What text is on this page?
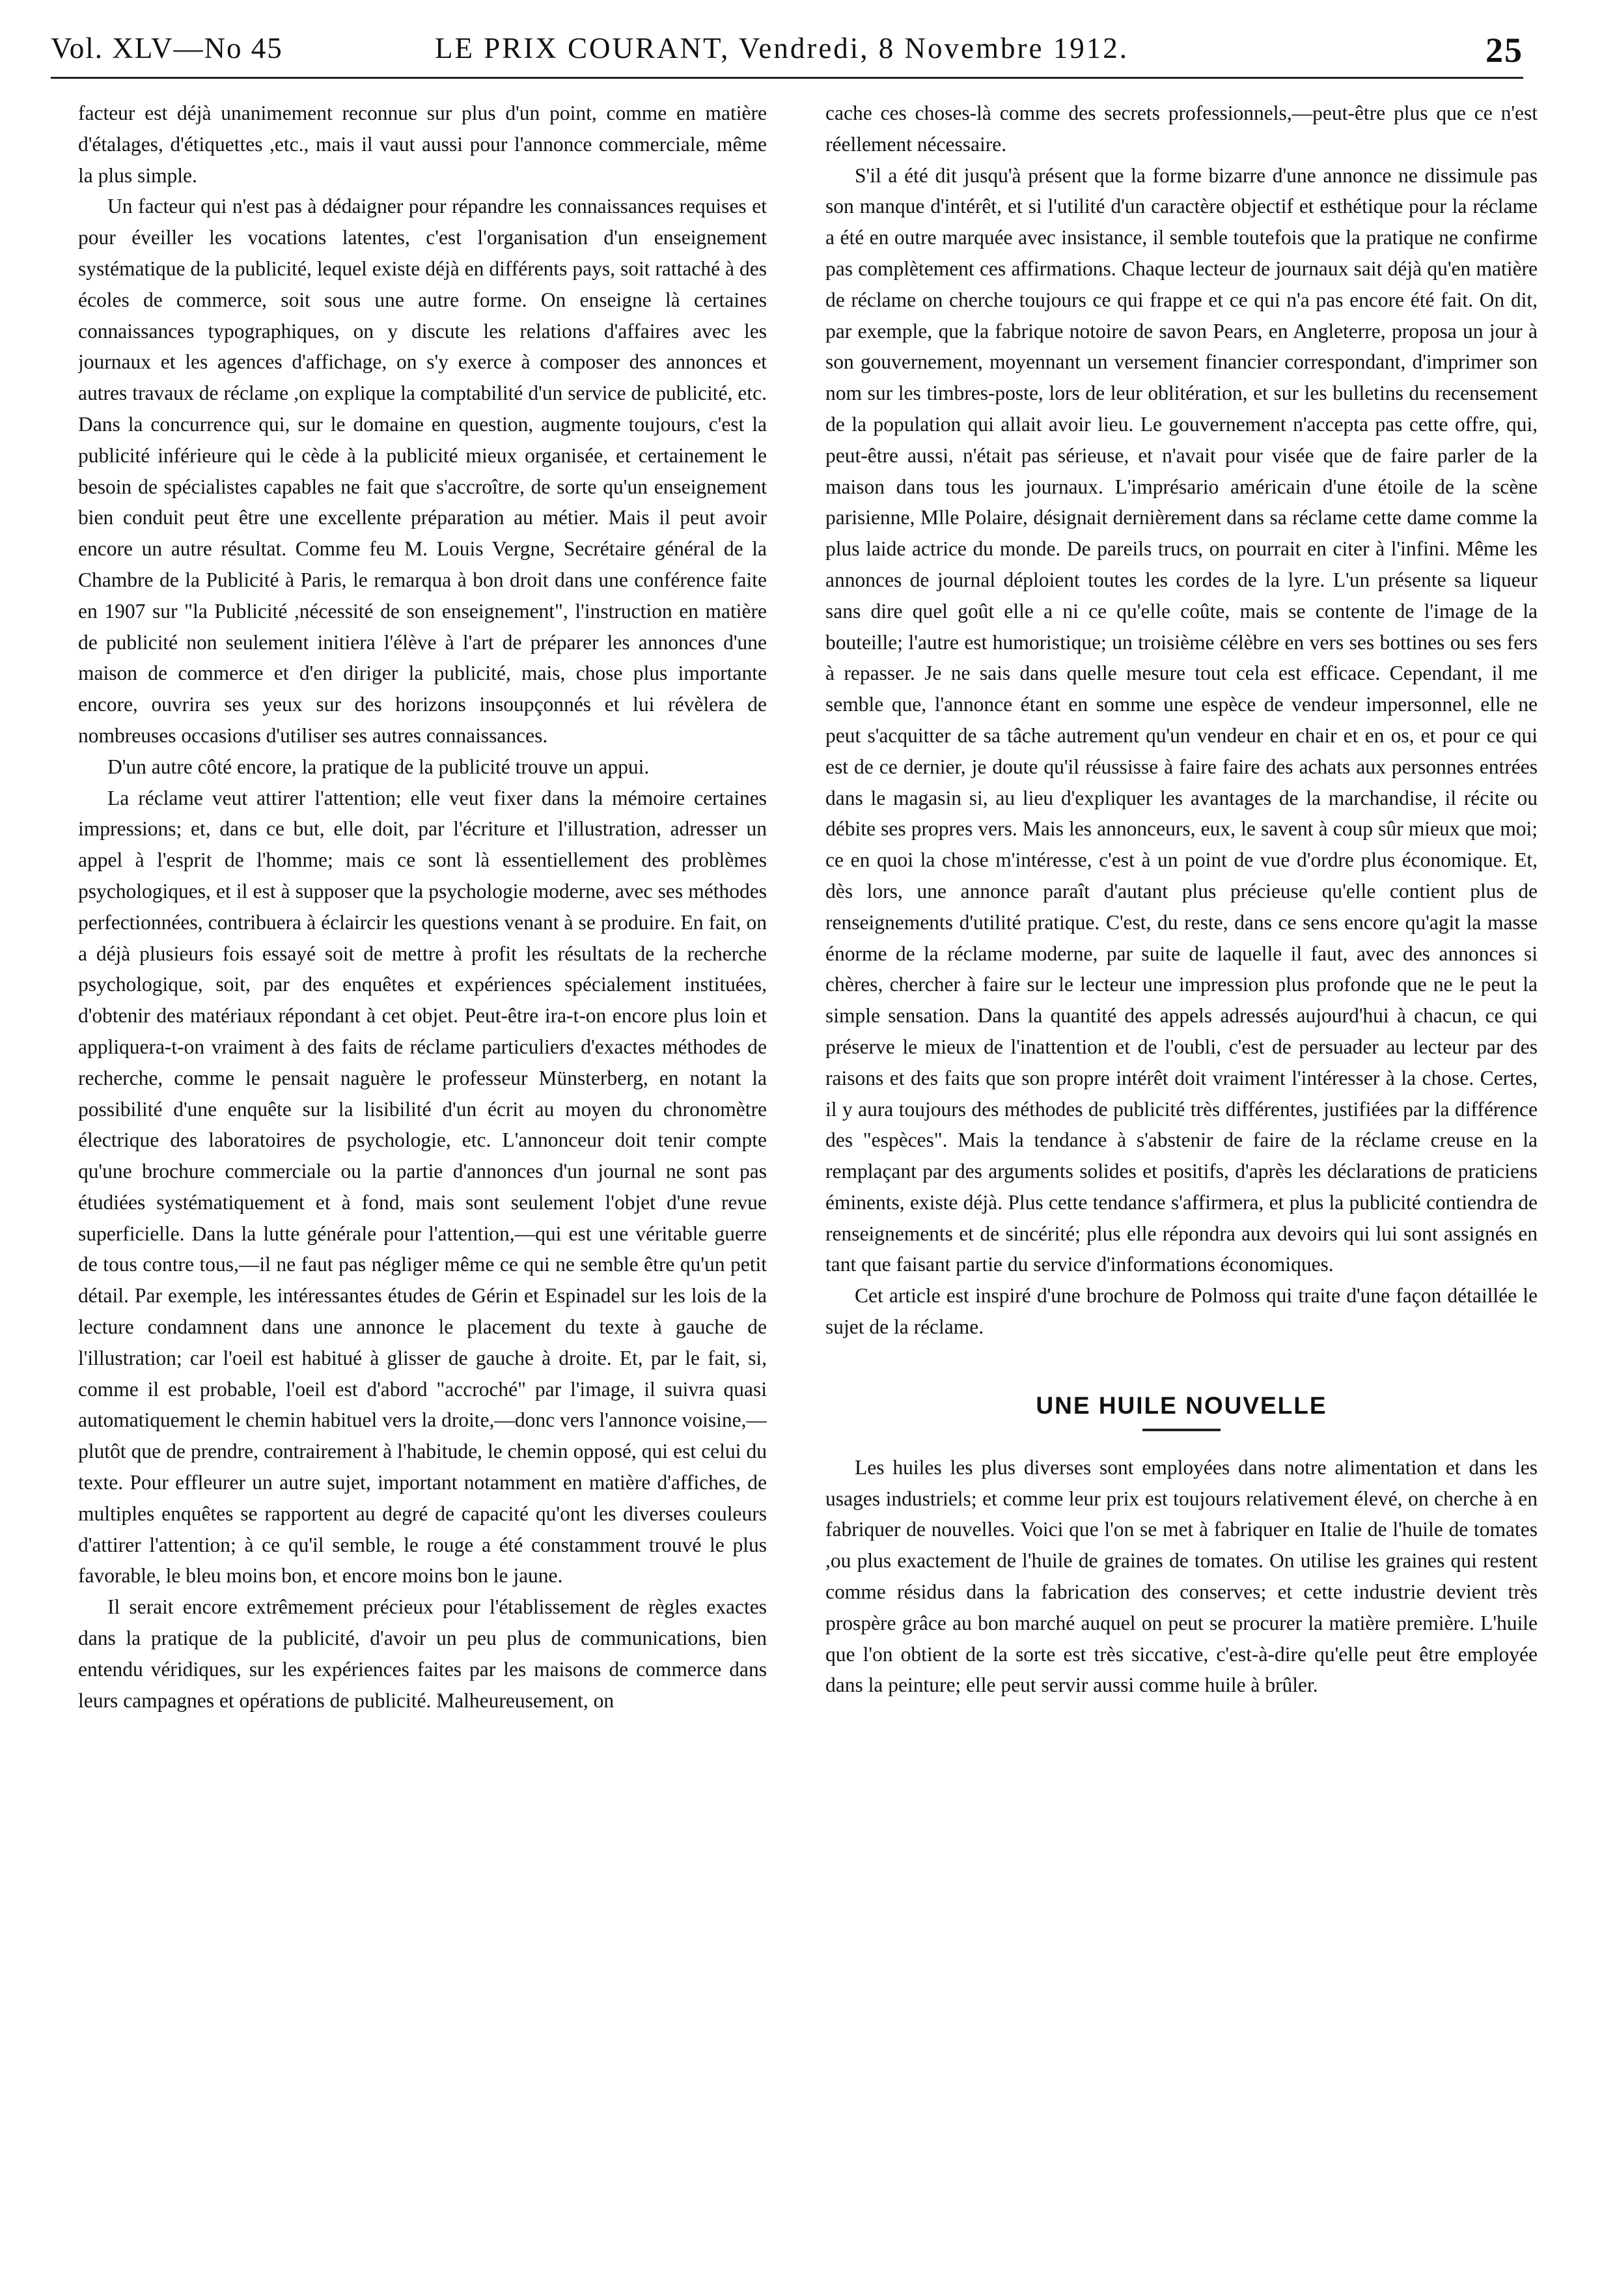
Vol. XLV—No 45	LE PRIX COURANT, Vendredi, 8 Novembre 1912.	25

facteur est déjà unanimement reconnue sur plus d'un point, comme en matière d'étalages, d'étiquettes ,etc., mais il vaut aussi pour l'annonce commerciale, même la plus simple.

Un facteur qui n'est pas à dédaigner pour répandre les connaissances requises et pour éveiller les vocations latentes, c'est l'organisation d'un enseignement systématique de la publicité, lequel existe déjà en différents pays, soit rattaché à des écoles de commerce, soit sous une autre forme. On enseigne là certaines connaissances typographiques, on y discute les relations d'affaires avec les journaux et les agences d'affichage, on s'y exerce à composer des annonces et autres travaux de réclame ,on explique la comptabilité d'un service de publicité, etc. Dans la concurrence qui, sur le domaine en question, augmente toujours, c'est la publicité inférieure qui le cède à la publicité mieux organisée, et certainement le besoin de spécialistes capables ne fait que s'accroître, de sorte qu'un enseignement bien conduit peut être une excellente préparation au métier. Mais il peut avoir encore un autre résultat. Comme feu M. Louis Vergne, Secrétaire général de la Chambre de la Publicité à Paris, le remarqua à bon droit dans une conférence faite en 1907 sur "la Publicité ,nécessité de son enseignement", l'instruction en matière de publicité non seulement initiera l'élève à l'art de préparer les annonces d'une maison de commerce et d'en diriger la publicité, mais, chose plus importante encore, ouvrira ses yeux sur des horizons insoupçonnés et lui révèlera de nombreuses occasions d'utiliser ses autres connaissances.

D'un autre côté encore, la pratique de la publicité trouve un appui.

La réclame veut attirer l'attention; elle veut fixer dans la mémoire certaines impressions; et, dans ce but, elle doit, par l'écriture et l'illustration, adresser un appel à l'esprit de l'homme; mais ce sont là essentiellement des problèmes psychologiques, et il est à supposer que la psychologie moderne, avec ses méthodes perfectionnées, contribuera à éclaircir les questions venant à se produire. En fait, on a déjà plusieurs fois essayé soit de mettre à profit les résultats de la recherche psychologique, soit, par des enquêtes et expériences spécialement instituées, d'obtenir des matériaux répondant à cet objet. Peut-être ira-t-on encore plus loin et appliquera-t-on vraiment à des faits de réclame particuliers d'exactes méthodes de recherche, comme le pensait naguère le professeur Münsterberg, en notant la possibilité d'une enquête sur la lisibilité d'un écrit au moyen du chronomètre électrique des laboratoires de psychologie, etc. L'annonceur doit tenir compte qu'une brochure commerciale ou la partie d'annonces d'un journal ne sont pas étudiées systématiquement et à fond, mais sont seulement l'objet d'une revue superficielle. Dans la lutte générale pour l'attention,—qui est une véritable guerre de tous contre tous,—il ne faut pas négliger même ce qui ne semble être qu'un petit détail. Par exemple, les intéressantes études de Gérin et Espinadel sur les lois de la lecture condamnent dans une annonce le placement du texte à gauche de l'illustration; car l'oeil est habitué à glisser de gauche à droite. Et, par le fait, si, comme il est probable, l'oeil est d'abord "accroché" par l'image, il suivra quasi automatiquement le chemin habituel vers la droite,—donc vers l'annonce voisine,—plutôt que de prendre, contrairement à l'habitude, le chemin opposé, qui est celui du texte. Pour effleurer un autre sujet, important notamment en matière d'affiches, de multiples enquêtes se rapportent au degré de capacité qu'ont les diverses couleurs d'attirer l'attention; à ce qu'il semble, le rouge a été constamment trouvé le plus favorable, le bleu moins bon, et encore moins bon le jaune.

Il serait encore extrêmement précieux pour l'établissement de règles exactes dans la pratique de la publicité, d'avoir un peu plus de communications, bien entendu véridiques, sur les expériences faites par les maisons de commerce dans leurs campagnes et opérations de publicité. Malheureusement, on

cache ces choses-là comme des secrets professionnels,—peut-être plus que ce n'est réellement nécessaire.

S'il a été dit jusqu'à présent que la forme bizarre d'une annonce ne dissimule pas son manque d'intérêt, et si l'utilité d'un caractère objectif et esthétique pour la réclame a été en outre marquée avec insistance, il semble toutefois que la pratique ne confirme pas complètement ces affirmations. Chaque lecteur de journaux sait déjà qu'en matière de réclame on cherche toujours ce qui frappe et ce qui n'a pas encore été fait. On dit, par exemple, que la fabrique notoire de savon Pears, en Angleterre, proposa un jour à son gouvernement, moyennant un versement financier correspondant, d'imprimer son nom sur les timbres-poste, lors de leur oblitération, et sur les bulletins du recensement de la population qui allait avoir lieu. Le gouvernement n'accepta pas cette offre, qui, peut-être aussi, n'était pas sérieuse, et n'avait pour visée que de faire parler de la maison dans tous les journaux. L'imprésario américain d'une étoile de la scène parisienne, Mlle Polaire, désignait dernièrement dans sa réclame cette dame comme la plus laide actrice du monde. De pareils trucs, on pourrait en citer à l'infini. Même les annonces de journal déploient toutes les cordes de la lyre. L'un présente sa liqueur sans dire quel goût elle a ni ce qu'elle coûte, mais se contente de l'image de la bouteille; l'autre est humoristique; un troisième célèbre en vers ses bottines ou ses fers à repasser. Je ne sais dans quelle mesure tout cela est efficace. Cependant, il me semble que, l'annonce étant en somme une espèce de vendeur impersonnel, elle ne peut s'acquitter de sa tâche autrement qu'un vendeur en chair et en os, et pour ce qui est de ce dernier, je doute qu'il réussisse à faire faire des achats aux personnes entrées dans le magasin si, au lieu d'expliquer les avantages de la marchandise, il récite ou débite ses propres vers. Mais les annonceurs, eux, le savent à coup sûr mieux que moi; ce en quoi la chose m'intéresse, c'est à un point de vue d'ordre plus économique. Et, dès lors, une annonce paraît d'autant plus précieuse qu'elle contient plus de renseignements d'utilité pratique. C'est, du reste, dans ce sens encore qu'agit la masse énorme de la réclame moderne, par suite de laquelle il faut, avec des annonces si chères, chercher à faire sur le lecteur une impression plus profonde que ne le peut la simple sensation. Dans la quantité des appels adressés aujourd'hui à chacun, ce qui préserve le mieux de l'inattention et de l'oubli, c'est de persuader au lecteur par des raisons et des faits que son propre intérêt doit vraiment l'intéresser à la chose. Certes, il y aura toujours des méthodes de publicité très différentes, justifiées par la différence des "espèces". Mais la tendance à s'abstenir de faire de la réclame creuse en la remplaçant par des arguments solides et positifs, d'après les déclarations de praticiens éminents, existe déjà. Plus cette tendance s'affirmera, et plus la publicité contiendra de renseignements et de sincérité; plus elle répondra aux devoirs qui lui sont assignés en tant que faisant partie du service d'informations économiques.

Cet article est inspiré d'une brochure de Polmoss qui traite d'une façon détaillée le sujet de la réclame.

UNE HUILE NOUVELLE

Les huiles les plus diverses sont employées dans notre alimentation et dans les usages industriels; et comme leur prix est toujours relativement élevé, on cherche à en fabriquer de nouvelles. Voici que l'on se met à fabriquer en Italie de l'huile de tomates ,ou plus exactement de l'huile de graines de tomates. On utilise les graines qui restent comme résidus dans la fabrication des conserves; et cette industrie devient très prospère grâce au bon marché auquel on peut se procurer la matière première. L'huile que l'on obtient de la sorte est très siccative, c'est-à-dire qu'elle peut être employée dans la peinture; elle peut servir aussi comme huile à brûler.
